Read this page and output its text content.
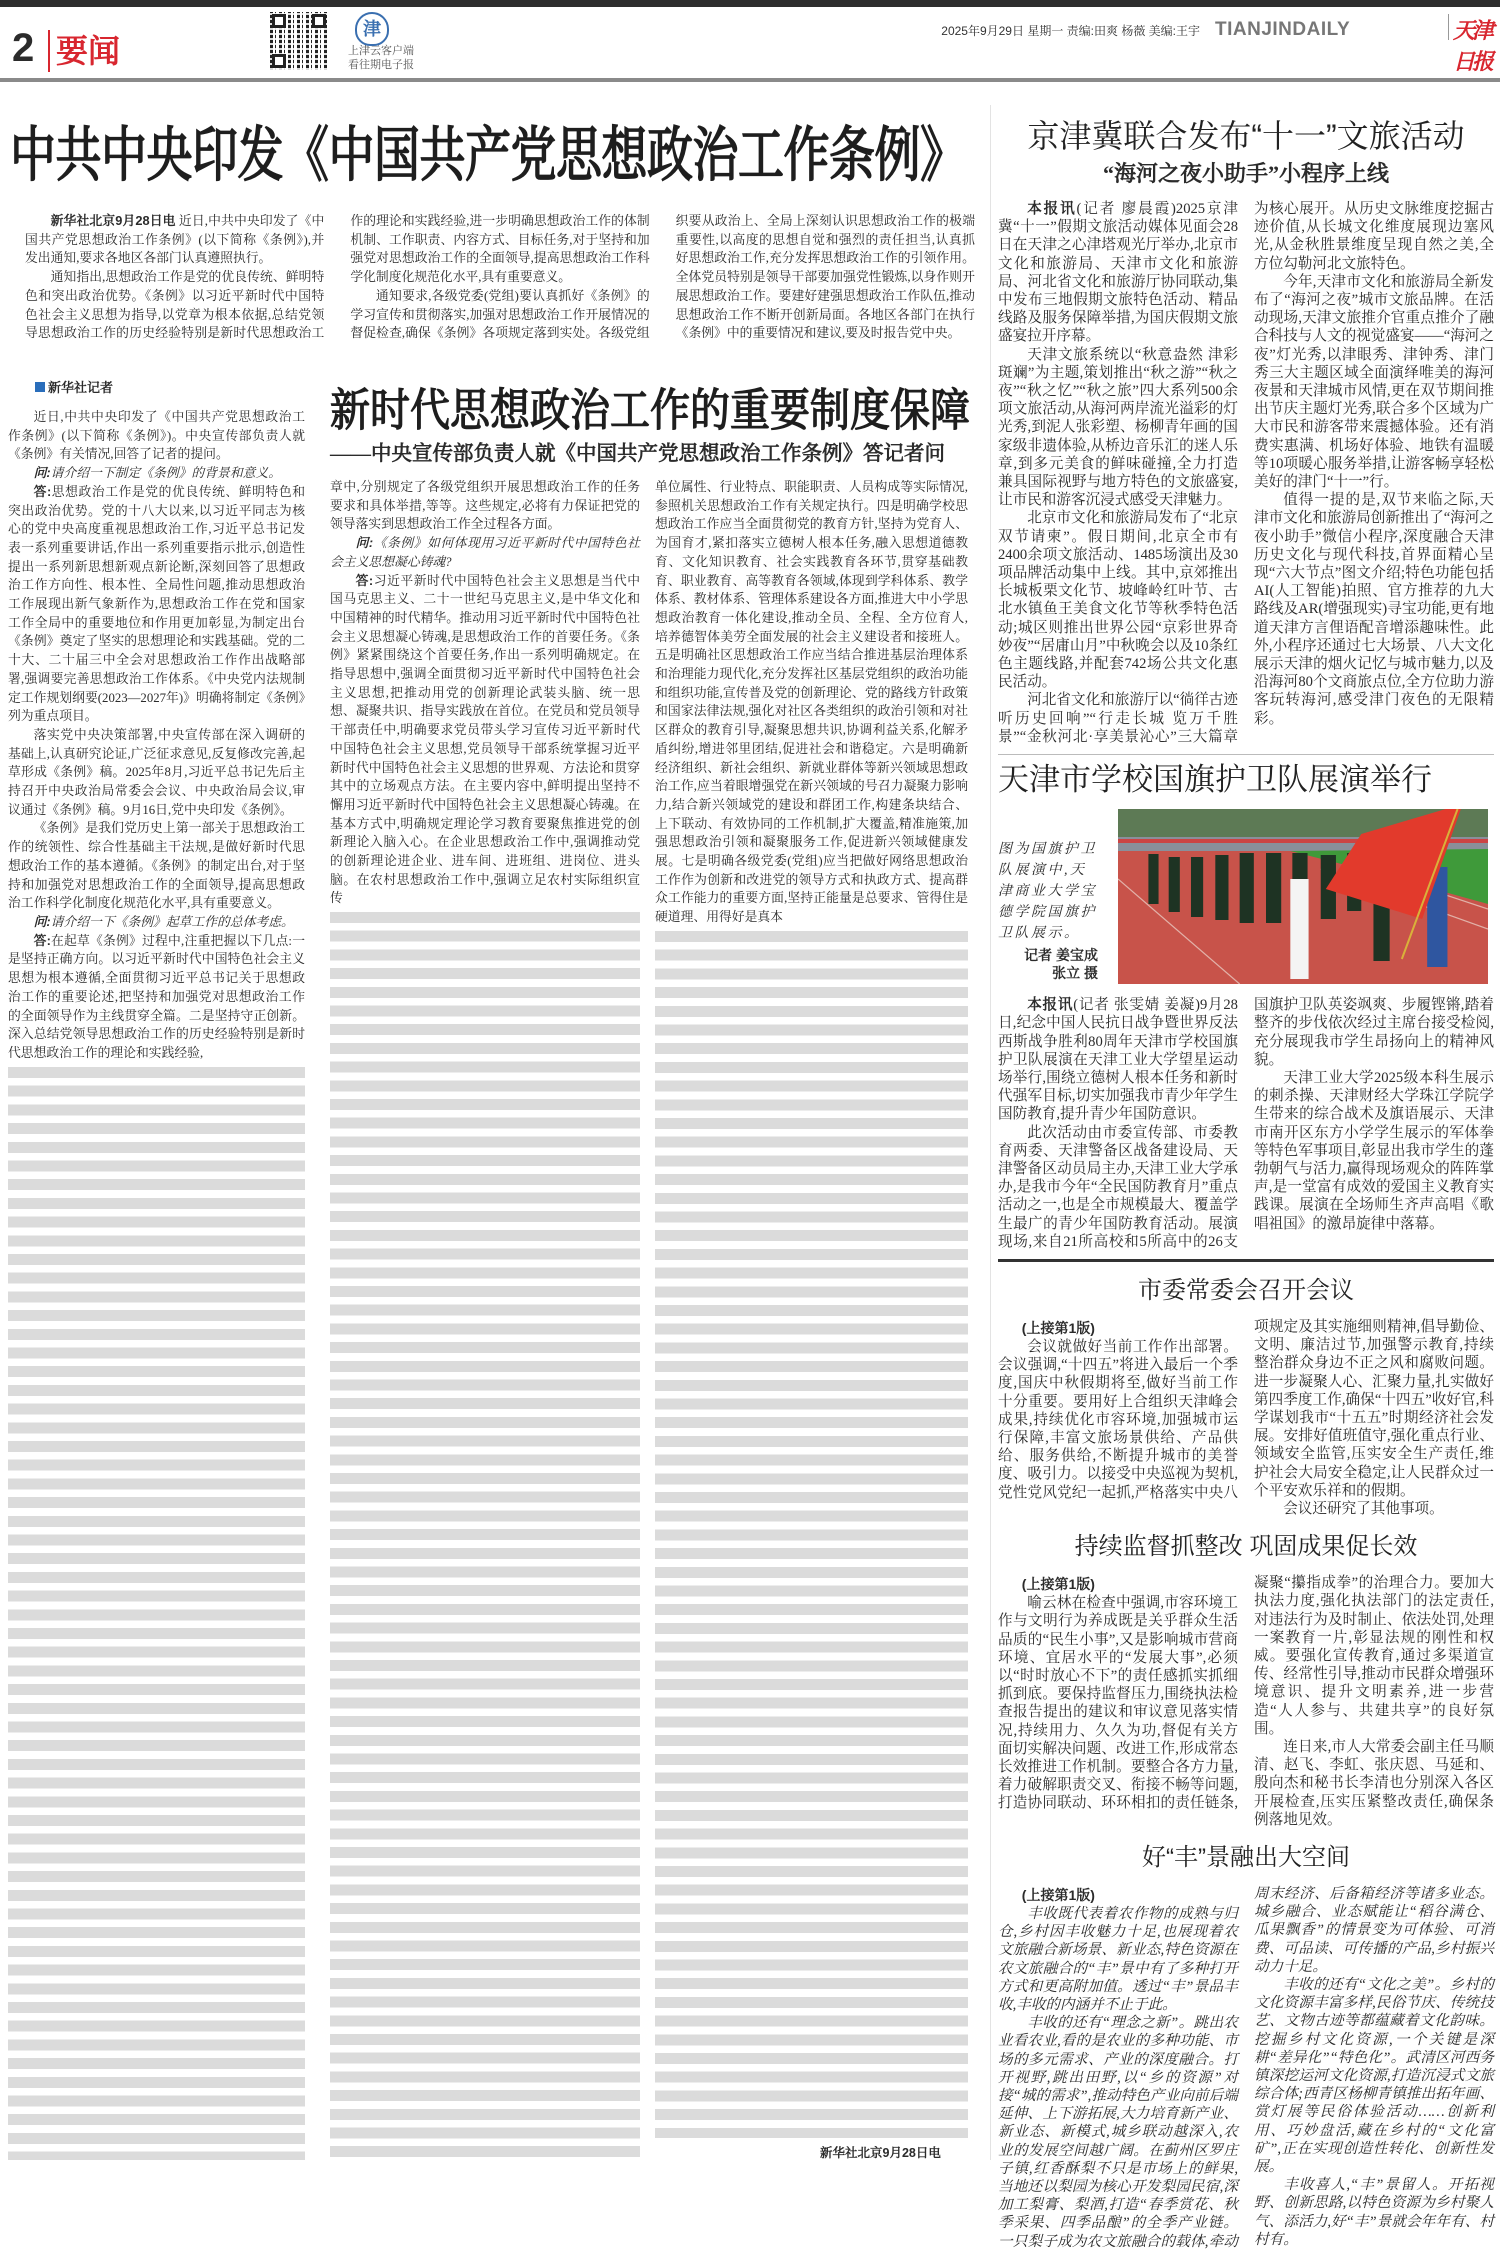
2 要闻
津
上津云客户端
看往期电子报
2025年9月29日 星期一 责编:田爽 杨薇 美编:王宇 TIANJINDAILY	天津日报
中共中央印发《中国共产党思想政治工作条例》

新华社北京9月28日电 近日,中共中央印发了《中国共产党思想政治工作条例》(以下简称《条例》),并发出通知,要求各地区各部门认真遵照执行。

通知指出,思想政治工作是党的优良传统、鲜明特色和突出政治优势。《条例》以习近平新时代中国特色社会主义思想为指导,以党章为根本依据,总结党领导思想政治工作的历史经验特别是新时代思想政治工作的理论和实践经验,进一步明确思想政治工作的体制机制、工作职责、内容方式、目标任务,对于坚持和加强党对思想政治工作的全面领导,提高思想政治工作科学化制度化规范化水平,具有重要意义。

通知要求,各级党委(党组)要认真抓好《条例》的学习宣传和贯彻落实,加强对思想政治工作开展情况的督促检查,确保《条例》各项规定落到实处。各级党组织要从政治上、全局上深刻认识思想政治工作的极端重要性,以高度的思想自觉和强烈的责任担当,认真抓好思想政治工作,充分发挥思想政治工作的引领作用。全体党员特别是领导干部要加强党性锻炼,以身作则开展思想政治工作。要建好建强思想政治工作队伍,推动思想政治工作不断开创新局面。各地区各部门在执行《条例》中的重要情况和建议,要及时报告党中央。

新华社记者	新时代思想政治工作的重要制度保障
——中央宣传部负责人就《中国共产党思想政治工作条例》答记者问

近日,中共中央印发了《中国共产党思想政治工作条例》(以下简称《条例》)。中央宣传部负责人就《条例》有关情况,回答了记者的提问。

问:请介绍一下制定《条例》的背景和意义。

答:思想政治工作是党的优良传统、鲜明特色和突出政治优势。党的十八大以来,以习近平同志为核心的党中央高度重视思想政治工作,习近平总书记发表一系列重要讲话,作出一系列重要指示批示,创造性提出一系列新思想新观点新论断,深刻回答了思想政治工作方向性、根本性、全局性问题,推动思想政治工作展现出新气象新作为,思想政治工作在党和国家工作全局中的重要地位和作用更加彰显,为制定出台《条例》奠定了坚实的思想理论和实践基础。党的二十大、二十届三中全会对思想政治工作作出战略部署,强调要完善思想政治工作体系。《中央党内法规制定工作规划纲要(2023—2027年)》明确将制定《条例》列为重点项目。

落实党中央决策部署,中央宣传部在深入调研的基础上,认真研究论证,广泛征求意见,反复修改完善,起草形成《条例》稿。2025年8月,习近平总书记先后主持召开中央政治局常委会会议、中央政治局会议,审议通过《条例》稿。9月16日,党中央印发《条例》。

《条例》是我们党历史上第一部关于思想政治工作的统领性、综合性基础主干法规,是做好新时代思想政治工作的基本遵循。《条例》的制定出台,对于坚持和加强党对思想政治工作的全面领导,提高思想政治工作科学化制度化规范化水平,具有重要意义。

问:请介绍一下《条例》起草工作的总体考虑。

答:在起草《条例》过程中,注重把握以下几点:一是坚持正确方向。以习近平新时代中国特色社会主义思想为根本遵循,全面贯彻习近平总书记关于思想政治工作的重要论述,把坚持和加强党对思想政治工作的全面领导作为主线贯穿全篇。二是坚持守正创新。深入总结党领导思想政治工作的历史经验特别是新时代思想政治工作的理论和实践经验,

章中,分别规定了各级党组织开展思想政治工作的任务要求和具体举措,等等。这些规定,必将有力保证把党的领导落实到思想政治工作全过程各方面。

问:《条例》如何体现用习近平新时代中国特色社会主义思想凝心铸魂?

答:习近平新时代中国特色社会主义思想是当代中国马克思主义、二十一世纪马克思主义,是中华文化和中国精神的时代精华。推动用习近平新时代中国特色社会主义思想凝心铸魂,是思想政治工作的首要任务。《条例》紧紧围绕这个首要任务,作出一系列明确规定。在指导思想中,强调全面贯彻习近平新时代中国特色社会主义思想,把推动用党的创新理论武装头脑、统一思想、凝聚共识、指导实践放在首位。在党员和党员领导干部责任中,明确要求党员带头学习宣传习近平新时代中国特色社会主义思想,党员领导干部系统掌握习近平新时代中国特色社会主义思想的世界观、方法论和贯穿其中的立场观点方法。在主要内容中,鲜明提出坚持不懈用习近平新时代中国特色社会主义思想凝心铸魂。在基本方式中,明确规定理论学习教育要聚焦推进党的创新理论入脑入心。在企业思想政治工作中,强调推动党的创新理论进企业、进车间、进班组、进岗位、进头脑。在农村思想政治工作中,强调立足农村实际组织宣传

单位属性、行业特点、职能职责、人员构成等实际情况,参照机关思想政治工作有关规定执行。四是明确学校思想政治工作应当全面贯彻党的教育方针,坚持为党育人、为国育才,紧扣落实立德树人根本任务,融入思想道德教育、文化知识教育、社会实践教育各环节,贯穿基础教育、职业教育、高等教育各领域,体现到学科体系、教学体系、教材体系、管理体系建设各方面,推进大中小学思想政治教育一体化建设,推动全员、全程、全方位育人,培养德智体美劳全面发展的社会主义建设者和接班人。五是明确社区思想政治工作应当结合推进基层治理体系和治理能力现代化,充分发挥社区基层党组织的政治功能和组织功能,宣传普及党的创新理论、党的路线方针政策和国家法律法规,强化对社区各类组织的政治引领和对社区群众的教育引导,凝聚思想共识,协调利益关系,化解矛盾纠纷,增进邻里团结,促进社会和谐稳定。六是明确新经济组织、新社会组织、新就业群体等新兴领域思想政治工作,应当着眼增强党在新兴领域的号召力凝聚力影响力,结合新兴领域党的建设和群团工作,构建条块结合、上下联动、有效协同的工作机制,扩大覆盖,精准施策,加强思想政治引领和凝聚服务工作,促进新兴领域健康发展。七是明确各级党委(党组)应当把做好网络思想政治工作作为创新和改进党的领导方式和执政方式、提高群众工作能力的重要方面,坚持正能量是总要求、管得住是硬道理、用得好是真本

新华社北京9月28日电
京津冀联合发布“十一”文旅活动
“海河之夜小助手”小程序上线

本报讯(记者 廖晨霞)2025京津冀“十一”假期文旅活动媒体见面会28日在天津之心津塔观光厅举办,北京市文化和旅游局、天津市文化和旅游局、河北省文化和旅游厅协同联动,集中发布三地假期文旅特色活动、精品线路及服务保障举措,为国庆假期文旅盛宴拉开序幕。

天津文旅系统以“秋意盎然 津彩斑斓”为主题,策划推出“秋之游”“秋之夜”“秋之忆”“秋之旅”四大系列500余项文旅活动,从海河两岸流光溢彩的灯光秀,到泥人张彩塑、杨柳青年画的国家级非遗体验,从桥边音乐汇的迷人乐章,到多元美食的鲜味碰撞,全力打造兼具国际视野与地方特色的文旅盛宴,让市民和游客沉浸式感受天津魅力。

北京市文化和旅游局发布了“北京双节请柬”。假日期间,北京全市有2400余项文旅活动、1485场演出及30项品牌活动集中上线。其中,京郊推出长城板栗文化节、坡峰岭红叶节、古北水镇鱼王美食文化节等秋季特色活动;城区则推出世界公园“京彩世界奇妙夜”“居庸山月”中秋晚会以及10条红色主题线路,并配套742场公共文化惠民活动。

河北省文化和旅游厅以“徜徉古迹 听历史回响”“行走长城 览万千胜景”“金秋河北·享美景沁心”三大篇章为核心展开。从历史文脉维度挖掘古迹价值,从长城文化维度展现边塞风光,从金秋胜景维度呈现自然之美,全方位勾勒河北文旅特色。

今年,天津市文化和旅游局全新发布了“海河之夜”城市文旅品牌。在活动现场,天津文旅推介官重点推介了融合科技与人文的视觉盛宴——“海河之夜”灯光秀,以津眼秀、津钟秀、津门秀三大主题区域全面演绎唯美的海河夜景和天津城市风情,更在双节期间推出节庆主题灯光秀,联合多个区域为广大市民和游客带来震撼体验。还有消费实惠满、机场好体验、地铁有温暖等10项暖心服务举措,让游客畅享轻松美好的津门“十一”行。

值得一提的是,双节来临之际,天津市文化和旅游局创新推出了“海河之夜小助手”微信小程序,深度融合天津历史文化与现代科技,首界面精心呈现“六大节点”图文介绍;特色功能包括AI(人工智能)拍照、官方推荐的九大路线及AR(增强现实)寻宝功能,更有地道天津方言俚语配音增添趣味性。此外,小程序还通过七大场景、八大文化展示天津的烟火记忆与城市魅力,以及沿海河80个文商旅点位,全方位助力游客玩转海河,感受津门夜色的无限精彩。

天津市学校国旗护卫队展演举行
图为国旗护卫队展演中,天津商业大学宝德学院国旗护卫队展示。
记者 姜宝成
张立 摄

本报讯(记者 张雯婧 姜凝)9月28日,纪念中国人民抗日战争暨世界反法西斯战争胜利80周年天津市学校国旗护卫队展演在天津工业大学望星运动场举行,围绕立德树人根本任务和新时代强军目标,切实加强我市青少年学生国防教育,提升青少年国防意识。

此次活动由市委宣传部、市委教育两委、天津警备区战备建设局、天津警备区动员局主办,天津工业大学承办,是我市今年“全民国防教育月”重点活动之一,也是全市规模最大、覆盖学生最广的青少年国防教育活动。展演现场,来自21所高校和5所高中的26支国旗护卫队英姿飒爽、步履铿锵,踏着整齐的步伐依次经过主席台接受检阅,充分展现我市学生昂扬向上的精神风貌。

天津工业大学2025级本科生展示的刺杀操、天津财经大学珠江学院学生带来的综合战术及旗语展示、天津市南开区东方小学学生展示的军体拳等特色军事项目,彰显出我市学生的蓬勃朝气与活力,赢得现场观众的阵阵掌声,是一堂富有成效的爱国主义教育实践课。展演在全场师生齐声高唱《歌唱祖国》的激昂旋律中落幕。

市委常委会召开会议

(上接第1版)

会议就做好当前工作作出部署。会议强调,“十四五”将进入最后一个季度,国庆中秋假期将至,做好当前工作十分重要。要用好上合组织天津峰会成果,持续优化市容环境,加强城市运行保障,丰富文旅场景供给、产品供给、服务供给,不断提升城市的美誉度、吸引力。以接受中央巡视为契机,党性党风党纪一起抓,严格落实中央八项规定及其实施细则精神,倡导勤俭、文明、廉洁过节,加强警示教育,持续整治群众身边不正之风和腐败问题。进一步凝聚人心、汇聚力量,扎实做好第四季度工作,确保“十四五”收好官,科学谋划我市“十五五”时期经济社会发展。安排好值班值守,强化重点行业、领域安全监管,压实安全生产责任,维护社会大局安全稳定,让人民群众过一个平安欢乐祥和的假期。

会议还研究了其他事项。

持续监督抓整改 巩固成果促长效

(上接第1版)

喻云林在检查中强调,市容环境工作与文明行为养成既是关乎群众生活品质的“民生小事”,又是影响城市营商环境、宜居水平的“发展大事”,必须以“时时放心不下”的责任感抓实抓细抓到底。要保持监督压力,围绕执法检查报告提出的建议和审议意见落实情况,持续用力、久久为功,督促有关方面切实解决问题、改进工作,形成常态长效推进工作机制。要整合各方力量,着力破解职责交叉、衔接不畅等问题,打造协同联动、环环相扣的责任链条,凝聚“攥指成拳”的治理合力。要加大执法力度,强化执法部门的法定责任,对违法行为及时制止、依法处罚,处理一案教育一片,彰显法规的刚性和权威。要强化宣传教育,通过多渠道宣传、经常性引导,推动市民群众增强环境意识、提升文明素养,进一步营造“人人参与、共建共享”的良好氛围。

连日来,市人大常委会副主任马顺清、赵飞、李虹、张庆恩、马延和、殷向杰和秘书长李清也分别深入各区开展检查,压实压紧整改责任,确保条例落地见效。

好“丰”景融出大空间

(上接第1版)

丰收既代表着农作物的成熟与归仓,乡村因丰收魅力十足,也展现着农文旅融合新场景、新业态,特色资源在农文旅融合的“丰”景中有了多种打开方式和更高附加值。透过“丰”景品丰收,丰收的内涵并不止于此。

丰收的还有“理念之新”。跳出农业看农业,看的是农业的多种功能、市场的多元需求、产业的深度融合。打开视野,跳出田野,以“乡的资源”对接“城的需求”,推动特色产业向前后端延伸、上下游拓展,大力培育新产业、新业态、新模式,城乡联动越深入,农业的发展空间越广阔。在蓟州区罗庄子镇,红香酥梨不只是市场上的鲜果,当地还以梨园为核心开发梨园民宿,深加工梨膏、梨酒,打造“春季赏花、秋季采果、四季品酿”的全季产业链。一只梨子成为农文旅融合的载体,牵动周末经济、后备箱经济等诸多业态。城乡融合、业态赋能让“稻谷满仓、瓜果飘香”的情景变为可体验、可消费、可品读、可传播的产品,乡村振兴动力十足。

丰收的还有“文化之美”。乡村的文化资源丰富多样,民俗节庆、传统技艺、文物古迹等都蕴藏着文化韵味。挖掘乡村文化资源,一个关键是深耕“差异化”“特色化”。武清区河西务镇深挖运河文化资源,打造沉浸式文旅综合体;西青区杨柳青镇推出拓年画、赏灯展等民俗体验活动……创新利用、巧妙盘活,藏在乡村的“文化富矿”,正在实现创造性转化、创新性发展。

丰收喜人,“丰”景留人。开拓视野、创新思路,以特色资源为乡村聚人气、添活力,好“丰”景就会年年有、村村有。
